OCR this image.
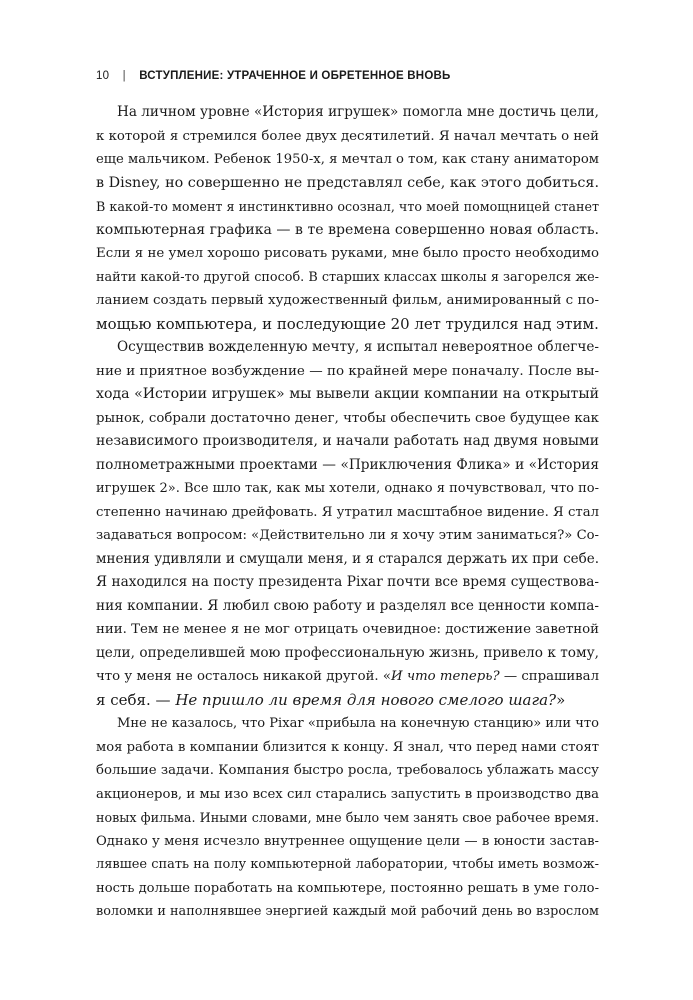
10 | ВСТУПЛЕНИЕ: УТРАЧЕННОЕ И ОБРЕТЕННОЕ ВНОВЬ
На личном уровне «История игрушек» помогла мне достичь цели,
к которой я стремился более двух десятилетий. Я начал мечтать о ней
еще мальчиком. Ребенок 1950-х, я мечтал о том, как стану аниматором
в Disney, но совершенно не представлял себе, как этого добиться.
В какой-то момент я инстинктивно осознал, что моей помощницей станет
компьютерная графика — в те времена совершенно новая область.
Если я не умел хорошо рисовать руками, мне было просто необходимо
найти какой-то другой способ. В старших классах школы я загорелся же-
ланием создать первый художественный фильм, анимированный с по-
мощью компьютера, и последующие 20 лет трудился над этим.
Осуществив вожделенную мечту, я испытал невероятное облегче-
ние и приятное возбуждение — по крайней мере поначалу. После вы-
хода «Истории игрушек» мы вывели акции компании на открытый
рынок, собрали достаточно денег, чтобы обеспечить свое будущее как
независимого производителя, и начали работать над двумя новыми
полнометражными проектами — «Приключения Флика» и «История
игрушек 2». Все шло так, как мы хотели, однако я почувствовал, что по-
степенно начинаю дрейфовать. Я утратил масштабное видение. Я стал
задаваться вопросом: «Действительно ли я хочу этим заниматься?» Со-
мнения удивляли и смущали меня, и я старался держать их при себе.
Я находился на посту президента Pixar почти все время существова-
ния компании. Я любил свою работу и разделял все ценности компа-
нии. Тем не менее я не мог отрицать очевидное: достижение заветной
цели, определившей мою профессиональную жизнь, привело к тому,
что у меня не осталось никакой другой. «И что теперь? — спрашивал
я себя. — Не пришло ли время для нового смелого шага?»
Мне не казалось, что Pixar «прибыла на конечную станцию» или что
моя работа в компании близится к концу. Я знал, что перед нами стоят
большие задачи. Компания быстро росла, требовалось ублажать массу
акционеров, и мы изо всех сил старались запустить в производство два
новых фильма. Иными словами, мне было чем занять свое рабочее время.
Однако у меня исчезло внутреннее ощущение цели — в юности застав-
лявшее спать на полу компьютерной лаборатории, чтобы иметь возмож-
ность дольше поработать на компьютере, постоянно решать в уме голо-
воломки и наполнявшее энергией каждый мой рабочий день во взрослом
